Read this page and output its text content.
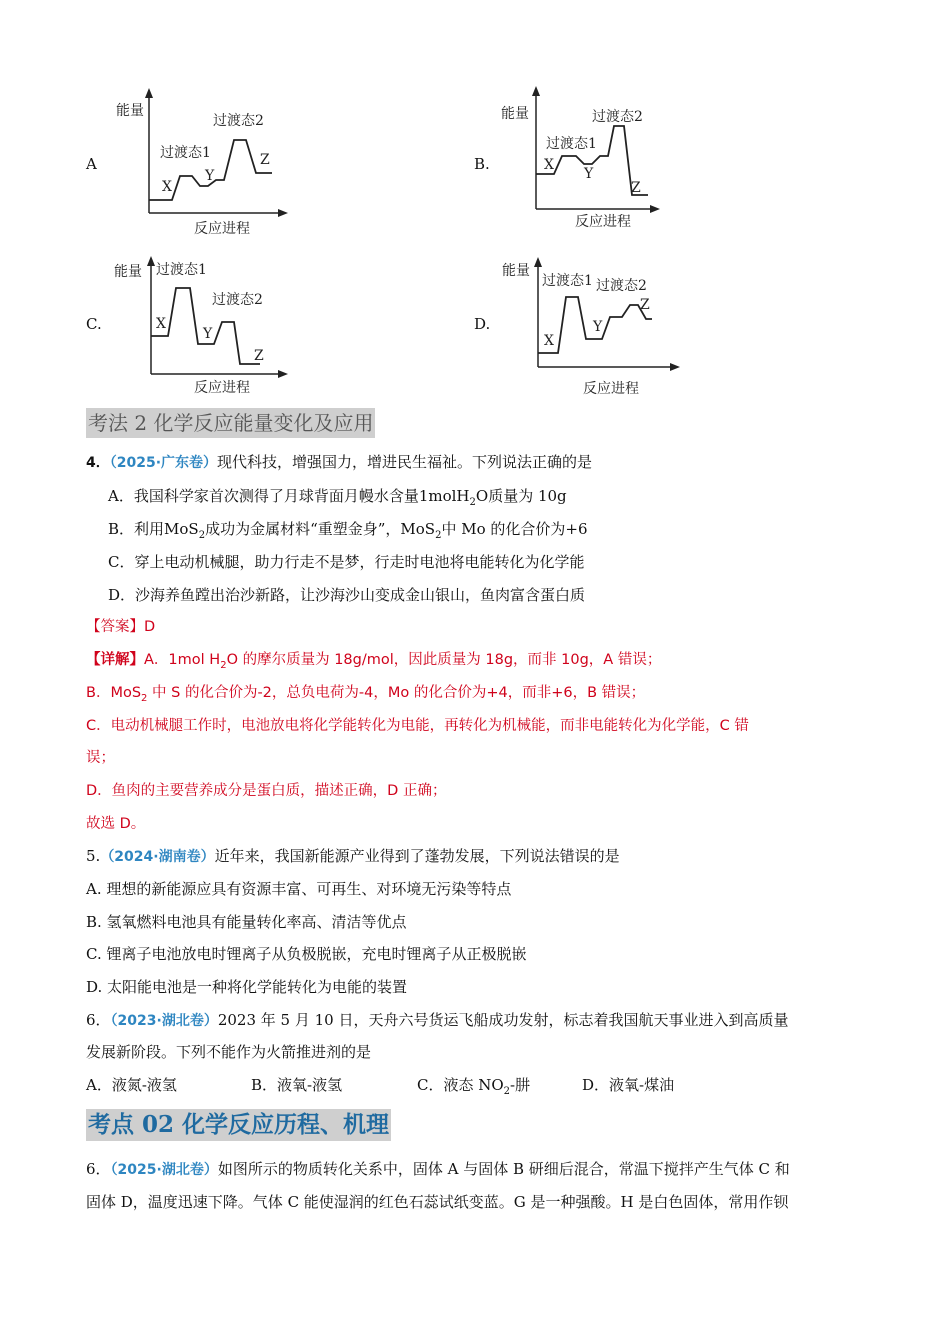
A	B.
C.	D.
能量
过渡态1
过渡态2
X
Y
Z
反应进程
能量
过渡态1
过渡态2
X
Y
Z
反应进程
能量 过渡态1
过渡态2
X
Y
Z
反应进程
能量
过渡态1 过渡态2
X
Y
Z
反应进程
考法 2 化学反应能量变化及应用
4．（2025·广东卷）现代科技，增强国力，增进民生福祉。下列说法正确的是
A．我国科学家首次测得了月球背面月幔水含量1molH$_2$O质量为 10g
B．利用MoS$_2$成功为金属材料“重塑金身”，MoS$_2$中 Mo 的化合价为+6
C．穿上电动机械腿，助力行走不是梦，行走时电池将电能转化为化学能
D．沙海养鱼蹚出治沙新路，让沙海沙山变成金山银山，鱼肉富含蛋白质
【答案】D
【详解】A．1mol $H_2O$ 的摩尔质量为 18g/mol，因此质量为 18g，而非 10g，A 错误；
B．MoS$_2$ 中 S 的化合价为-2，总负电荷为-4，Mo 的化合价为+4，而非+6，B 错误；
C．电动机械腿工作时，电池放电将化学能转化为电能，再转化为机械能，而非电能转化为化学能，C 错
误；
D．鱼肉的主要营养成分是蛋白质，描述正确，D 正确；
故选 D。
5.（2024·湖南卷）近年来，我国新能源产业得到了蓬勃发展，下列说法错误的是
A. 理想的新能源应具有资源丰富、可再生、对环境无污染等特点
B. 氢氧燃料电池具有能量转化率高、清洁等优点
C. 锂离子电池放电时锂离子从负极脱嵌，充电时锂离子从正极脱嵌
D. 太阳能电池是一种将化学能转化为电能的装置
6．（2023·湖北卷）2023 年 5 月 10 日，天舟六号货运飞船成功发射，标志着我国航天事业进入到高质量
发展新阶段。下列不能作为火箭推进剂的是
A．液氮-液氢	B．液氧-液氢	C．液态 $NO_2-$肼	D．液氧-煤油
考点 02 化学反应历程、机理
6．（2025·湖北卷）如图所示的物质转化关系中，固体 A 与固体 B 研细后混合，常温下搅拌产生气体 C 和
固体 D，温度迅速下降。气体 C 能使湿润的红色石蕊试纸变蓝。G 是一种强酸。H 是白色固体，常用作钡
